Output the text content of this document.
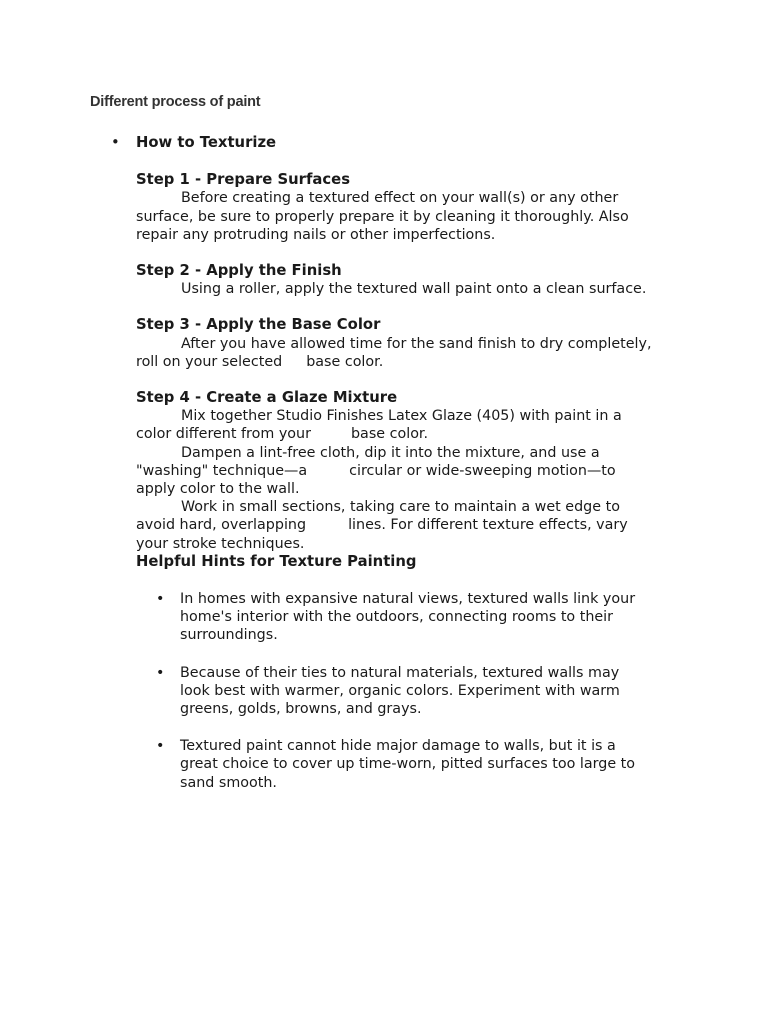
Different process of paint

• How to Texturize

Step 1 - Prepare Surfaces

Before creating a textured effect on your wall(s) or any other
surface, be sure to properly prepare it by cleaning it thoroughly. Also
repair any protruding nails or other imperfections.

Step 2 - Apply the Finish

Using a roller, apply the textured wall paint onto a clean surface.

Step 3 - Apply the Base Color

After you have allowed time for the sand finish to dry completely,
roll on your selected base color.

Step 4 - Create a Glaze Mixture

Mix together Studio Finishes Latex Glaze (405) with paint in a
color different from your	base color.
Dampen a lint-free cloth, dip it into the mixture, and use a
"washing" technique—a	circular or wide-sweeping motion—to
apply color to the wall.
Work in small sections, taking care to maintain a wet edge to
avoid hard, overlapping	lines. For different texture effects, vary
your stroke techniques.

Helpful Hints for Texture Painting

• In homes with expansive natural views, textured walls link your
home's interior with the outdoors, connecting rooms to their
surroundings.
• Because of their ties to natural materials, textured walls may
look best with warmer, organic colors. Experiment with warm
greens, golds, browns, and grays.
• Textured paint cannot hide major damage to walls, but it is a
great choice to cover up time-worn, pitted surfaces too large to
sand smooth.
